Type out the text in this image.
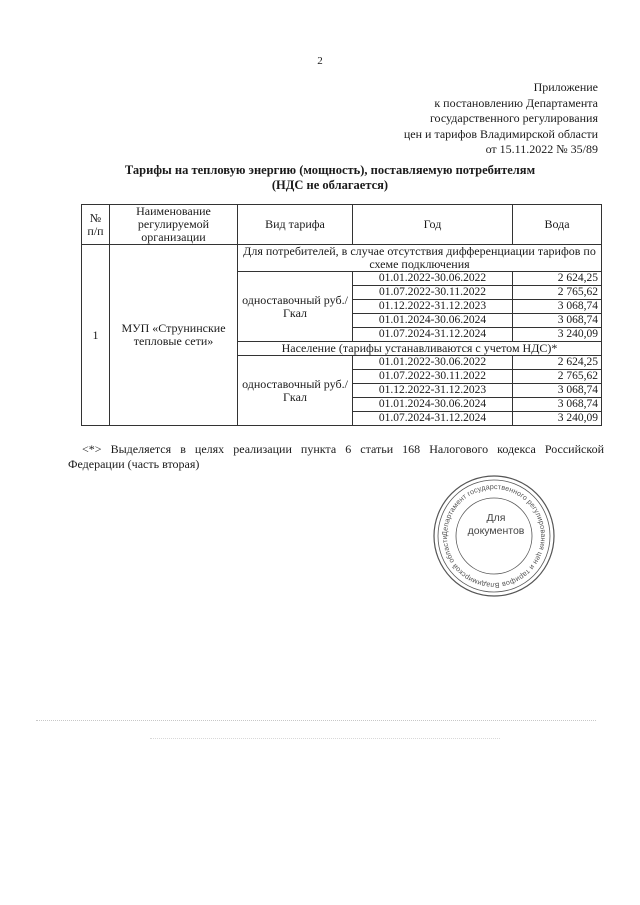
2
Приложение
к постановлению Департамента
государственного регулирования
цен и тарифов Владимирской области
от 15.11.2022 № 35/89
Тарифы на тепловую энергию (мощность), поставляемую потребителям
(НДС не облагается)
№ п/п	Наименование регулируемой организации	Вид тарифа	Год	Вода
1	МУП «Струнинские тепловые сети»	Для потребителей, в случае отсутствия дифференциации тарифов по схеме подключения		
		одноставочный руб./Гкал	01.01.2022-30.06.2022	2 624,25
			01.07.2022-30.11.2022	2 765,62
			01.12.2022-31.12.2023	3 068,74
			01.01.2024-30.06.2024	3 068,74
			01.07.2024-31.12.2024	3 240,09
		Население (тарифы устанавливаются с учетом НДС)*		
		одноставочный руб./Гкал	01.01.2022-30.06.2022	2 624,25
			01.07.2022-30.11.2022	2 765,62
			01.12.2022-31.12.2023	3 068,74
			01.01.2024-30.06.2024	3 068,74
			01.07.2024-31.12.2024	3 240,09
<*> Выделяется в целях реализации пункта 6 статьи 168 Налогового кодекса Российской
Федерации (часть вторая)
Департамент государственного регулирования цен и тарифов Владимирской области
Для
документов
